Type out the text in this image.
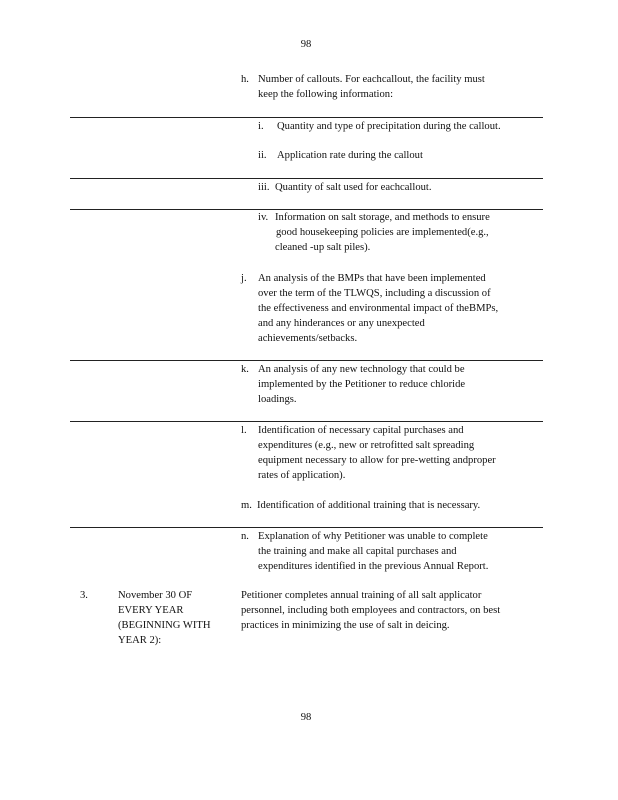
98
98
h. Number of callouts. For eachcallout, the facility must
keep the following information:
i. Quantity and type of precipitation during the callout.
ii. Application rate during the callout
iii. Quantity of salt used for eachcallout.
iv. Information on salt storage, and methods to ensure
good housekeeping policies are implemented(e.g.,
cleaned -up salt piles).
j. An analysis of the BMPs that have been implemented
over the term of the TLWQS, including a discussion of
the effectiveness and environmental impact of theBMPs,
and any hinderances or any unexpected
achievements/setbacks.
k. An analysis of any new technology that could be
implemented by the Petitioner to reduce chloride
loadings.
l. Identification of necessary capital purchases and
expenditures (e.g., new or retrofitted salt spreading
equipment necessary to allow for pre-wetting andproper
rates of application).
m. Identification of additional training that is necessary.
n. Explanation of why Petitioner was unable to complete
the training and make all capital purchases and
expenditures identified in the previous Annual Report.
3.	November 30 OF
EVERY YEAR
(BEGINNING WITH
YEAR 2):
Petitioner completes annual training of all salt applicator
personnel, including both employees and contractors, on best
practices in minimizing the use of salt in deicing.
